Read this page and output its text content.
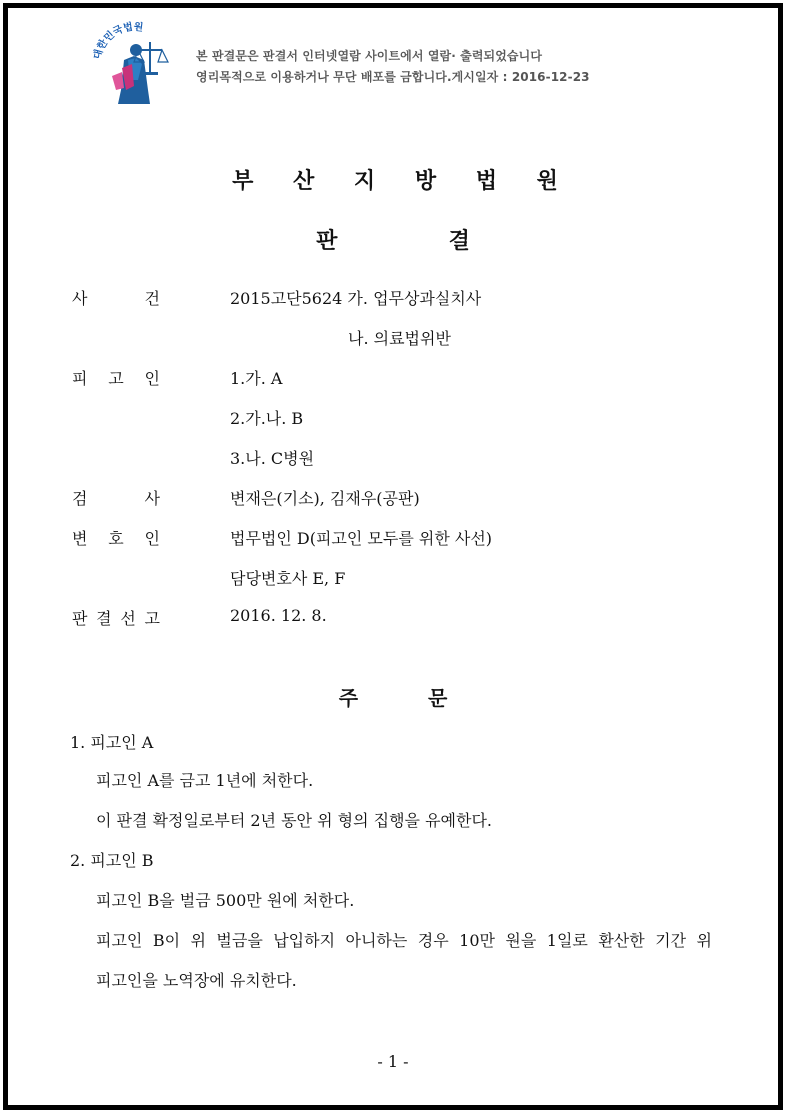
대한민국법원
본 판결문은 판결서 인터넷열람 사이트에서 열람· 출력되었습니다
영리목적으로 이용하거나 무단 배포를 금합니다.게시일자 : 2016-12-23
부 산 지 방 법 원
판	결
사	건	2015고단5624 가. 업무상과실치사
나. 의료법위반
피 고 인	1.가. A
2.가.나. B
3.나. C병원
검	사	변재은(기소), 김재우(공판)
변 호 인	법무법인 D(피고인 모두를 위한 사선)
담당변호사 E, F
판 결 선 고	2016. 12. 8.
주	문
1. 피고인 A
피고인 A를 금고 1년에 처한다.
이 판결 확정일로부터 2년 동안 위 형의 집행을 유예한다.
2. 피고인 B
피고인 B을 벌금 500만 원에 처한다.
피고인 B이 위 벌금을 납입하지 아니하는 경우 10만 원을 1일로 환산한 기간 위
피고인을 노역장에 유치한다.
- 1 -
